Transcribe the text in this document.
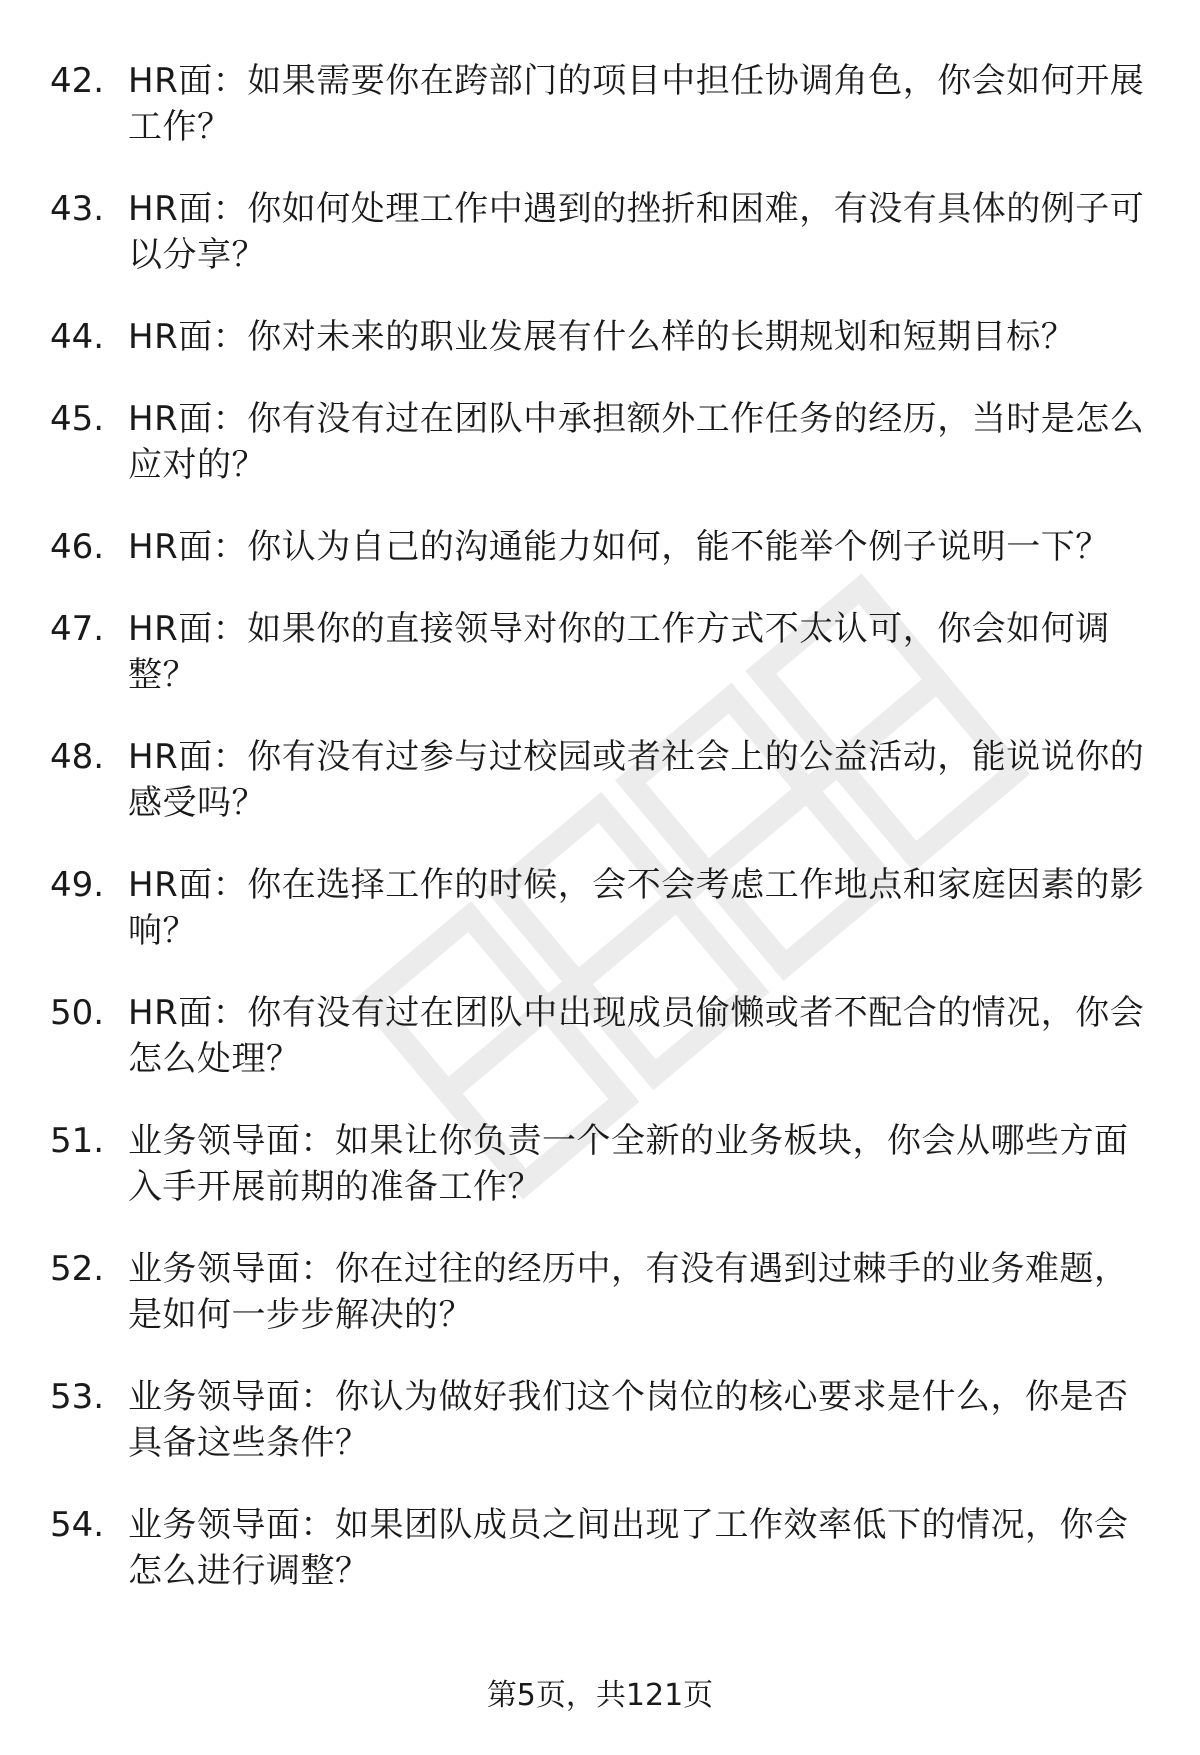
42. HR面：如果需要你在跨部门的项目中担任协调角色，你会如何开展工作？
43. HR面：你如何处理工作中遇到的挫折和困难，有没有具体的例子可以分享？
44. HR面：你对未来的职业发展有什么样的长期规划和短期目标？
45. HR面：你有没有过在团队中承担额外工作任务的经历，当时是怎么应对的？
46. HR面：你认为自己的沟通能力如何，能不能举个例子说明一下？
47. HR面：如果你的直接领导对你的工作方式不太认可，你会如何调整？
48. HR面：你有没有过参与过校园或者社会上的公益活动，能说说你的感受吗？
49. HR面：你在选择工作的时候，会不会考虑工作地点和家庭因素的影响？
50. HR面：你有没有过在团队中出现成员偷懒或者不配合的情况，你会怎么处理？
51. 业务领导面：如果让你负责一个全新的业务板块，你会从哪些方面入手开展前期的准备工作？
52. 业务领导面：你在过往的经历中，有没有遇到过棘手的业务难题，是如何一步步解决的？
53. 业务领导面：你认为做好我们这个岗位的核心要求是什么，你是否具备这些条件？
54. 业务领导面：如果团队成员之间出现了工作效率低下的情况，你会怎么进行调整？
第5页，共121页
